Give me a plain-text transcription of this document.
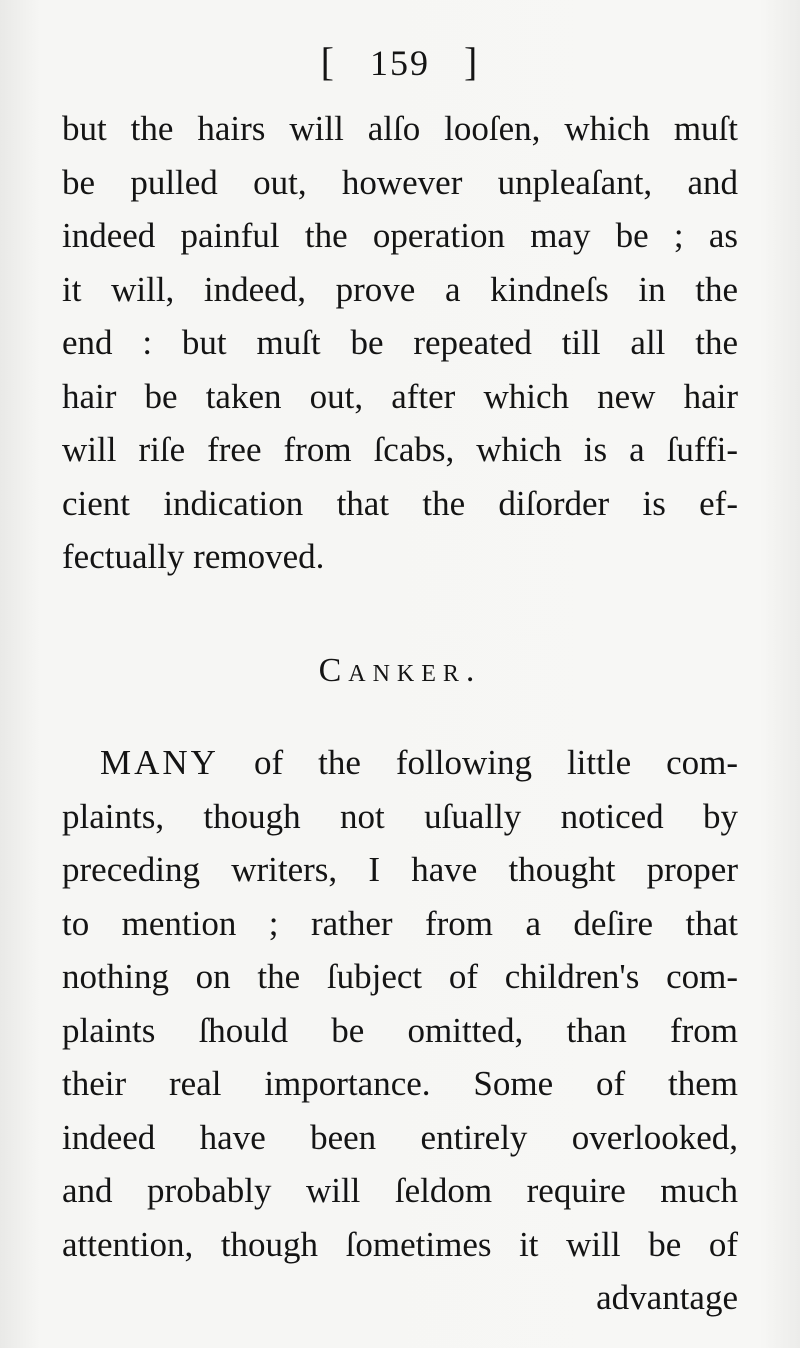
[ 159 ]
but the hairs will alſo looſen, which muſt
be pulled out, however unpleaſant, and
indeed painful the operation may be ; as
it will, indeed, prove a kindneſs in the
end : but muſt be repeated till all the
hair be taken out, after which new hair
will riſe free from ſcabs, which is a ſuffi-
cient indication that the diſorder is ef-
fectually removed.
Canker.
MANY of the following little com-
plaints, though not uſually noticed by
preceding writers, I have thought proper
to mention ; rather from a deſire that
nothing on the ſubject of children's com-
plaints ſhould be omitted, than from
their real importance. Some of them
indeed have been entirely overlooked,
and probably will ſeldom require much
attention, though ſometimes it will be of
advantage
